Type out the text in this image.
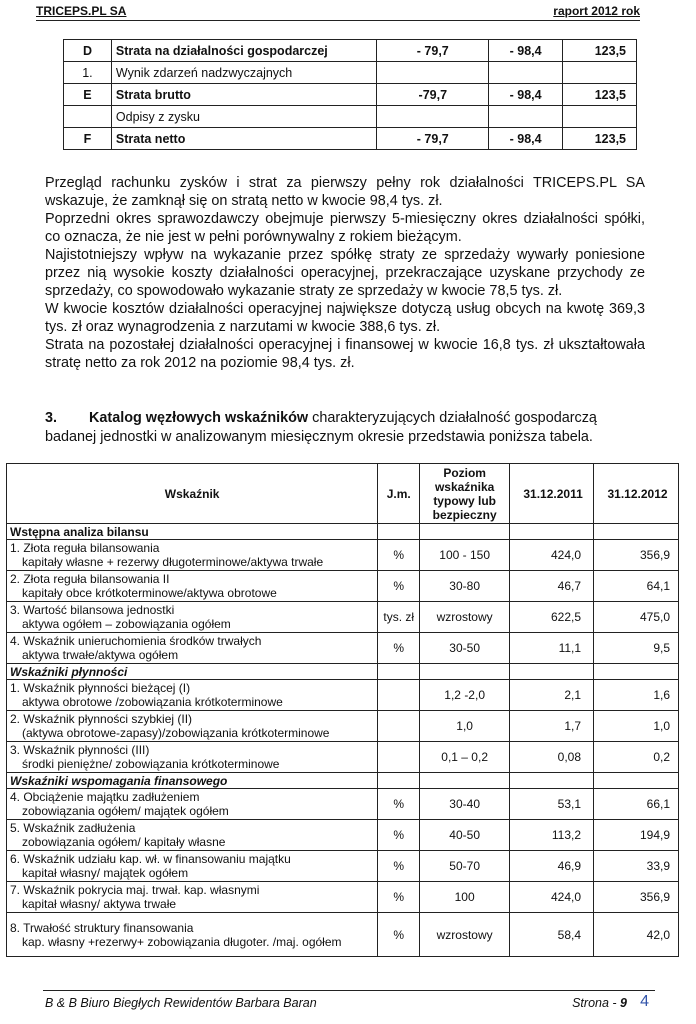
TRICEPS.PL SA	raport 2012 rok
D	Strata na działalności gospodarczej	- 79,7	- 98,4	123,5
1.	Wynik zdarzeń nadzwyczajnych			
E	Strata brutto	-79,7	- 98,4	123,5
	Odpisy z zysku			
F	Strata netto	- 79,7	- 98,4	123,5

Przegląd rachunku zysków i strat za pierwszy pełny rok działalności TRICEPS.PL SA wskazuje, że zamknął się on stratą netto w kwocie 98,4 tys. zł.

Poprzedni okres sprawozdawczy obejmuje pierwszy 5-miesięczny okres działalności spółki, co oznacza, że nie jest w pełni porównywalny z rokiem bieżącym.

Najistotniejszy wpływ na wykazanie przez spółkę straty ze sprzedaży wywarły poniesione przez nią wysokie koszty działalności operacyjnej, przekraczające uzyskane przychody ze sprzedaży, co spowodowało wykazanie straty ze sprzedaży w kwocie 78,5 tys. zł.

W kwocie kosztów działalności operacyjnej największe dotyczą usług obcych na kwotę 369,3 tys. zł oraz wynagrodzenia z narzutami w kwocie 388,6 tys. zł.

Strata na pozostałej działalności operacyjnej i finansowej w kwocie 16,8 tys. zł ukształtowała stratę netto za rok 2012 na poziomie 98,4 tys. zł.

3. Katalog węzłowych wskaźników charakteryzujących działalność gospodarczą badanej jednostki w analizowanym miesięcznym okresie przedstawia poniższa tabela.
Wskaźnik	J.m.	Poziom wskaźnika typowy lub bezpieczny	31.12.2011	31.12.2012
Wstępna analiza bilansu				

1. Złota reguła bilansowania
kapitały własne + rezerwy długoterminowe/aktywa trwałe	%	100 - 150	424,0	356,9

2. Złota reguła bilansowania II
kapitały obce krótkoterminowe/aktywa obrotowe	%	30-80	46,7	64,1

3. Wartość bilansowa jednostki
aktywa ogółem – zobowiązania ogółem	tys. zł	wzrostowy	622,5	475,0

4. Wskaźnik unieruchomienia środków trwałych
aktywa trwałe/aktywa ogółem	%	30-50	11,1	9,5
Wskaźniki płynności				

1. Wskaźnik płynności bieżącej (I)
aktywa obrotowe /zobowiązania krótkoterminowe		1,2 -2,0	2,1	1,6

2. Wskaźnik płynności szybkiej (II)
(aktywa obrotowe-zapasy)/zobowiązania krótkoterminowe		1,0	1,7	1,0

3. Wskaźnik płynności (III)
środki pieniężne/ zobowiązania krótkoterminowe		0,1 – 0,2	0,08	0,2
Wskaźniki wspomagania finansowego				

4. Obciążenie majątku zadłużeniem
zobowiązania ogółem/ majątek ogółem	%	30-40	53,1	66,1

5. Wskaźnik zadłużenia
zobowiązania ogółem/ kapitały własne	%	40-50	113,2	194,9

6. Wskaźnik udziału kap. wł. w finansowaniu majątku
kapitał własny/ majątek ogółem	%	50-70	46,9	33,9

7. Wskaźnik pokrycia maj. trwał. kap. własnymi
kapitał własny/ aktywa trwałe	%	100	424,0	356,9

8. Trwałość struktury finansowania
kap. własny +rezerwy+ zobowiązania długoter. /maj. ogółem	%	wzrostowy	58,4	42,0
B & B Biuro Biegłych Rewidentów Barbara Baran	Strona - 9 4
